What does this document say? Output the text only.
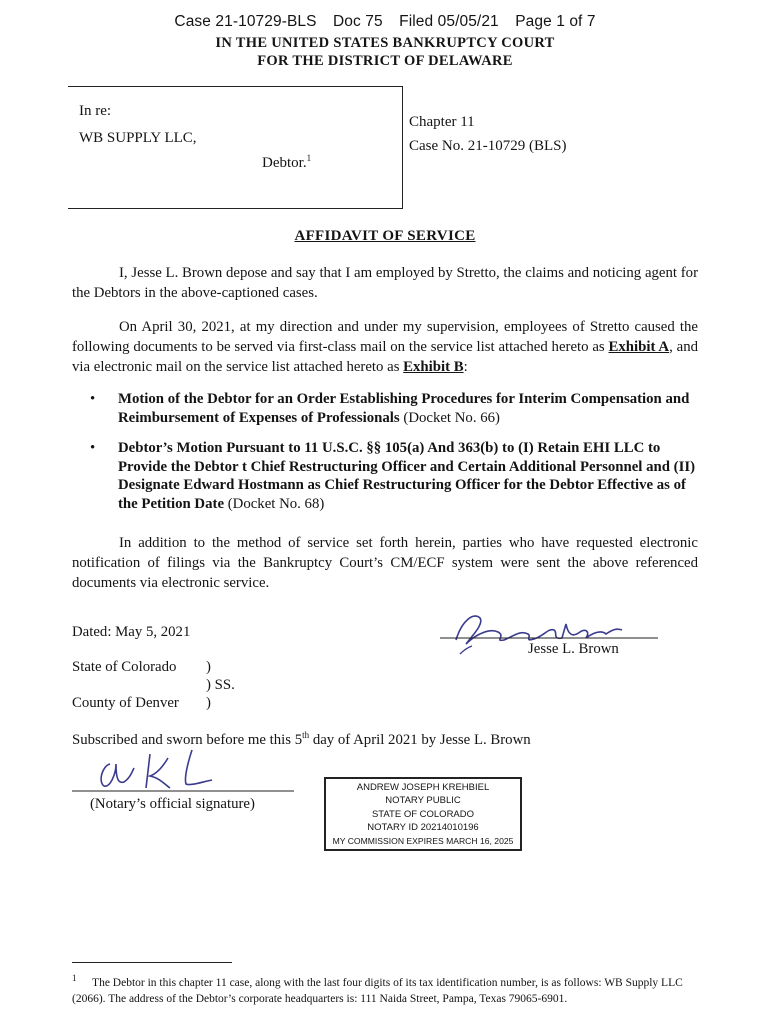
Case 21-10729-BLS Doc 75 Filed 05/05/21 Page 1 of 7
IN THE UNITED STATES BANKRUPTCY COURT
FOR THE DISTRICT OF DELAWARE
In re:
WB SUPPLY LLC,
Debtor.$^1$
Chapter 11
Case No. 21-10729 (BLS)
AFFIDAVIT OF SERVICE

I, Jesse L. Brown depose and say that I am employed by Stretto, the claims and noticing agent for the Debtors in the above-captioned cases.

On April 30, 2021, at my direction and under my supervision, employees of Stretto caused the following documents to be served via first-class mail on the service list attached hereto as Exhibit A, and via electronic mail on the service list attached hereto as Exhibit B:

• Motion of the Debtor for an Order Establishing Procedures for Interim Compensation and Reimbursement of Expenses of Professionals (Docket No. 66)
• Debtor’s Motion Pursuant to 11 U.S.C. §§ 105(a) And 363(b) to (I) Retain EHI LLC to Provide the Debtor t Chief Restructuring Officer and Certain Additional Personnel and (II) Designate Edward Hostmann as Chief Restructuring Officer for the Debtor Effective as of the Petition Date (Docket No. 68)

In addition to the method of service set forth herein, parties who have requested electronic notification of filings via the Bankruptcy Court’s CM/ECF system were sent the above referenced documents via electronic service.

Dated: May 5, 2021
Jesse L. Brown
State of Colorado )
) SS.
County of Denver )
Subscribed and sworn before me this 5th day of April 2021 by Jesse L. Brown
(Notary’s official signature)
ANDREW JOSEPH KREHBIEL
NOTARY PUBLIC
STATE OF COLORADO
NOTARY ID 20214010196
MY COMMISSION EXPIRES MARCH 16, 2025
$^1$ The Debtor in this chapter 11 case, along with the last four digits of its tax identification number, is as follows: WB Supply LLC (2066). The address of the Debtor’s corporate headquarters is: 111 Naida Street, Pampa, Texas 79065-6901.
